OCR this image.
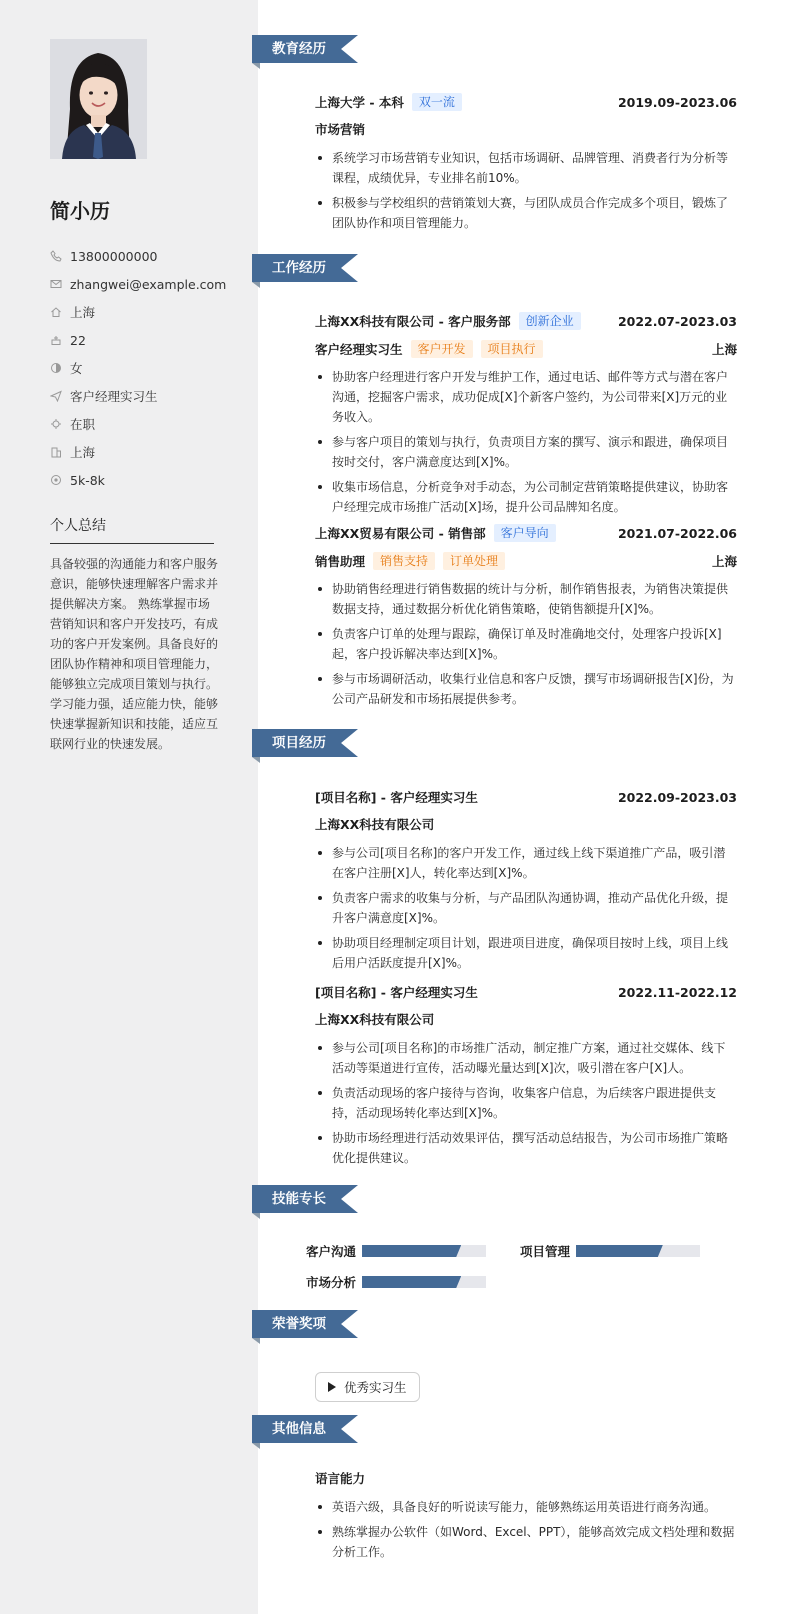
简小历
13800000000
zhangwei@example.com
上海
22
女
客户经理实习生
在职
上海
5k-8k
个人总结
具备较强的沟通能力和客户服务意识，能够快速理解客户需求并提供解决方案。 熟练掌握市场营销知识和客户开发技巧，有成功的客户开发案例。具备良好的团队协作精神和项目管理能力，能够独立完成项目策划与执行。 学习能力强，适应能力快，能够快速掌握新知识和技能，适应互联网行业的快速发展。
教育经历
上海大学 - 本科	双一流	2019.09-2023.06
市场营销
系统学习市场营销专业知识，包括市场调研、品牌管理、消费者行为分析等课程，成绩优异，专业排名前10%。
积极参与学校组织的营销策划大赛，与团队成员合作完成多个项目，锻炼了团队协作和项目管理能力。
工作经历
上海XX科技有限公司 - 客户服务部	创新企业	2022.07-2023.03
客户经理实习生	客户开发	项目执行	上海
协助客户经理进行客户开发与维护工作，通过电话、邮件等方式与潜在客户沟通，挖掘客户需求，成功促成[X]个新客户签约，为公司带来[X]万元的业务收入。
参与客户项目的策划与执行，负责项目方案的撰写、演示和跟进，确保项目按时交付，客户满意度达到[X]%。
收集市场信息，分析竞争对手动态，为公司制定营销策略提供建议，协助客户经理完成市场推广活动[X]场，提升公司品牌知名度。
上海XX贸易有限公司 - 销售部	客户导向	2021.07-2022.06
销售助理	销售支持	订单处理	上海
协助销售经理进行销售数据的统计与分析，制作销售报表，为销售决策提供数据支持，通过数据分析优化销售策略，使销售额提升[X]%。
负责客户订单的处理与跟踪，确保订单及时准确地交付，处理客户投诉[X]起，客户投诉解决率达到[X]%。
参与市场调研活动，收集行业信息和客户反馈，撰写市场调研报告[X]份，为公司产品研发和市场拓展提供参考。
项目经历
[项目名称] - 客户经理实习生	2022.09-2023.03
上海XX科技有限公司
参与公司[项目名称]的客户开发工作，通过线上线下渠道推广产品，吸引潜在客户注册[X]人，转化率达到[X]%。
负责客户需求的收集与分析，与产品团队沟通协调，推动产品优化升级，提升客户满意度[X]%。
协助项目经理制定项目计划，跟进项目进度，确保项目按时上线，项目上线后用户活跃度提升[X]%。
[项目名称] - 客户经理实习生	2022.11-2022.12
上海XX科技有限公司
参与公司[项目名称]的市场推广活动，制定推广方案，通过社交媒体、线下活动等渠道进行宣传，活动曝光量达到[X]次，吸引潜在客户[X]人。
负责活动现场的客户接待与咨询，收集客户信息，为后续客户跟进提供支持，活动现场转化率达到[X]%。
协助市场经理进行活动效果评估，撰写活动总结报告，为公司市场推广策略优化提供建议。
技能专长
客户沟通	项目管理
市场分析
荣誉奖项
优秀实习生
其他信息
语言能力
英语六级，具备良好的听说读写能力，能够熟练运用英语进行商务沟通。
熟练掌握办公软件（如Word、Excel、PPT），能够高效完成文档处理和数据分析工作。
